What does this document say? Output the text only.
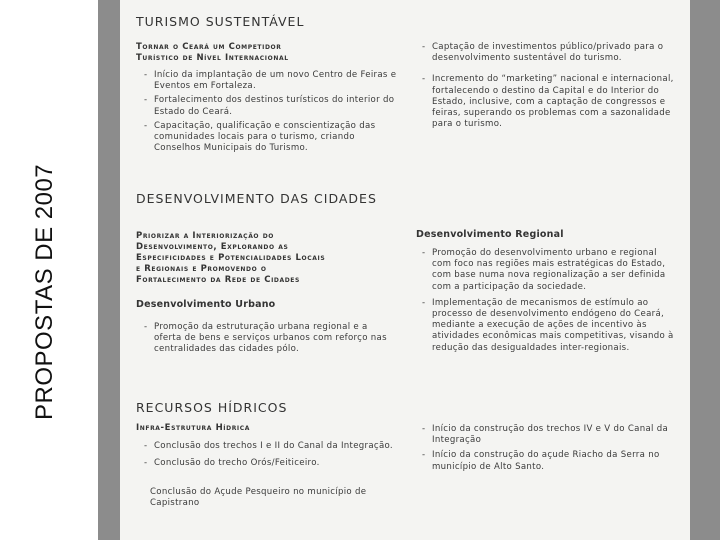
PROPOSTAS DE 2007
TURISMO SUSTENTÁVEL
Tornar o Ceará um Competidor
Turístico de Nível Internacional
- Início da implantação de um novo Centro de Feiras e Eventos em Fortaleza.
- Fortalecimento dos destinos turísticos do interior do Estado do Ceará.
- Capacitação, qualificação e conscientização das comunidades locais para o turismo, criando Conselhos Municipais do Turismo.
- Captação de investimentos público/privado para o desenvolvimento sustentável do turismo.
- Incremento do “marketing” nacional e internacional, fortalecendo o destino da Capital e do Interior do Estado, inclusive, com a captação de congressos e feiras, superando os problemas com a sazonalidade para o turismo.
DESENVOLVIMENTO DAS CIDADES
Priorizar a Interiorização do
Desenvolvimento, Explorando as
Especificidades e Potencialidades Locais
e Regionais e Promovendo o
Fortalecimento da Rede de Cidades
Desenvolvimento Urbano
- Promoção da estruturação urbana regional e a oferta de bens e serviços urbanos com reforço nas centralidades das cidades pólo.
Desenvolvimento Regional
- Promoção do desenvolvimento urbano e regional com foco nas regiões mais estratégicas do Estado, com base numa nova regionalização a ser definida com a participação da sociedade.
- Implementação de mecanismos de estímulo ao processo de desenvolvimento endógeno do Ceará, mediante a execução de ações de incentivo às atividades econômicas mais competitivas, visando à redução das desigualdades inter-regionais.
RECURSOS HÍDRICOS
Infra-Estrutura Hídrica
- Conclusão dos trechos I e II do Canal da Integração.
- Conclusão do trecho Orós/Feiticeiro.
Conclusão do Açude Pesqueiro no município de Capistrano
- Início da construção dos trechos IV e V do Canal da Integração
- Início da construção do açude Riacho da Serra no município de Alto Santo.
